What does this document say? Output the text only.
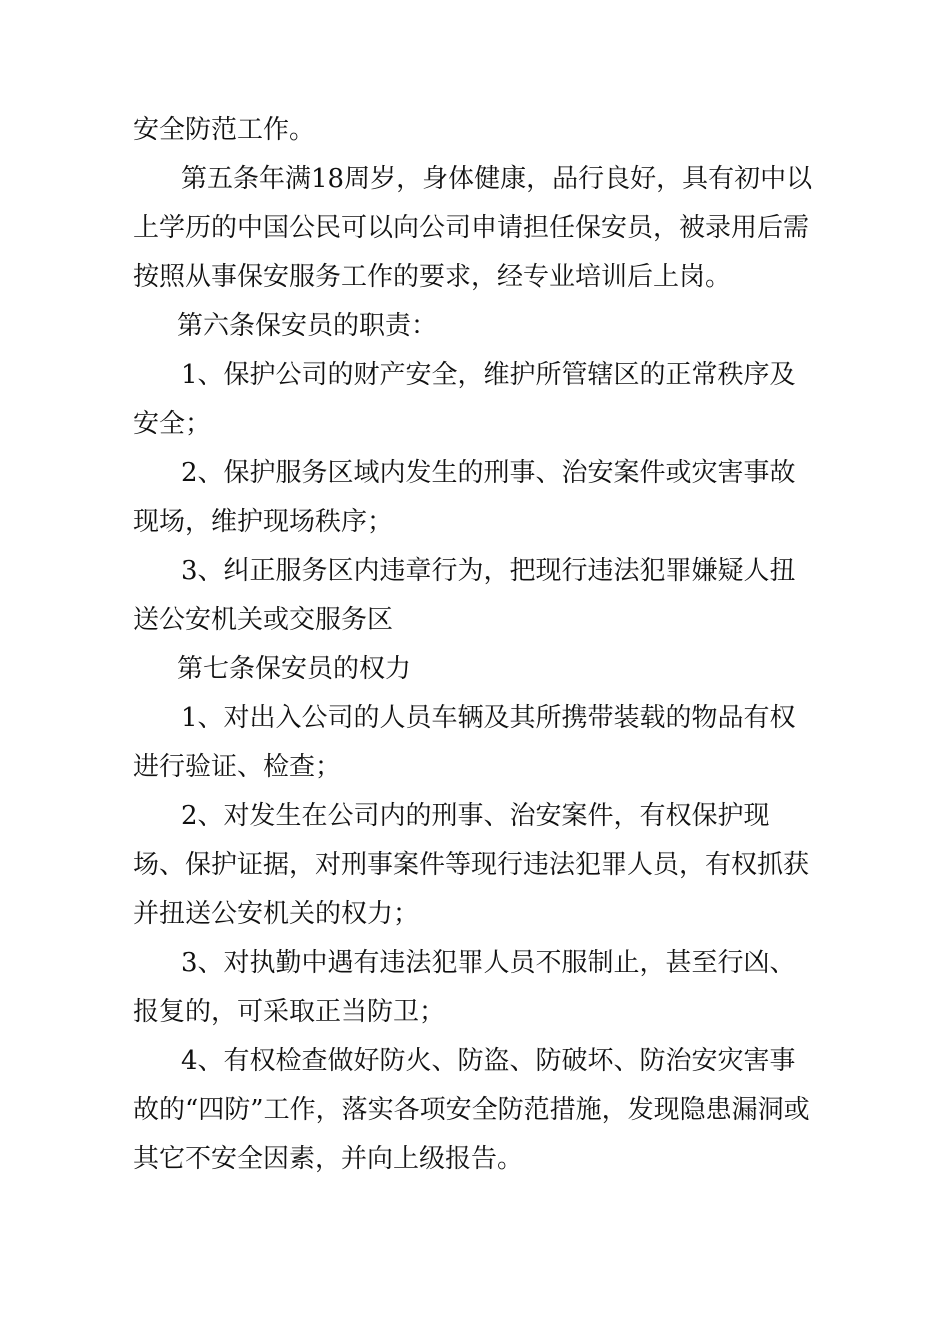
安全防范工作。

第五条年满18周岁，身体健康，品行良好，具有初中以上学历的中国公民可以向公司申请担任保安员，被录用后需按照从事保安服务工作的要求，经专业培训后上岗。

第六条保安员的职责：

1、保护公司的财产安全，维护所管辖区的正常秩序及安全；

2、保护服务区域内发生的刑事、治安案件或灾害事故现场，维护现场秩序；

3、纠正服务区内违章行为，把现行违法犯罪嫌疑人扭送公安机关或交服务区

第七条保安员的权力

1、对出入公司的人员车辆及其所携带装载的物品有权进行验证、检查；

2、对发生在公司内的刑事、治安案件，有权保护现场、保护证据，对刑事案件等现行违法犯罪人员，有权抓获并扭送公安机关的权力；

3、对执勤中遇有违法犯罪人员不服制止，甚至行凶、报复的，可采取正当防卫；

4、有权检查做好防火、防盗、防破坏、防治安灾害事故的“四防”工作，落实各项安全防范措施，发现隐患漏洞或其它不安全因素，并向上级报告。
